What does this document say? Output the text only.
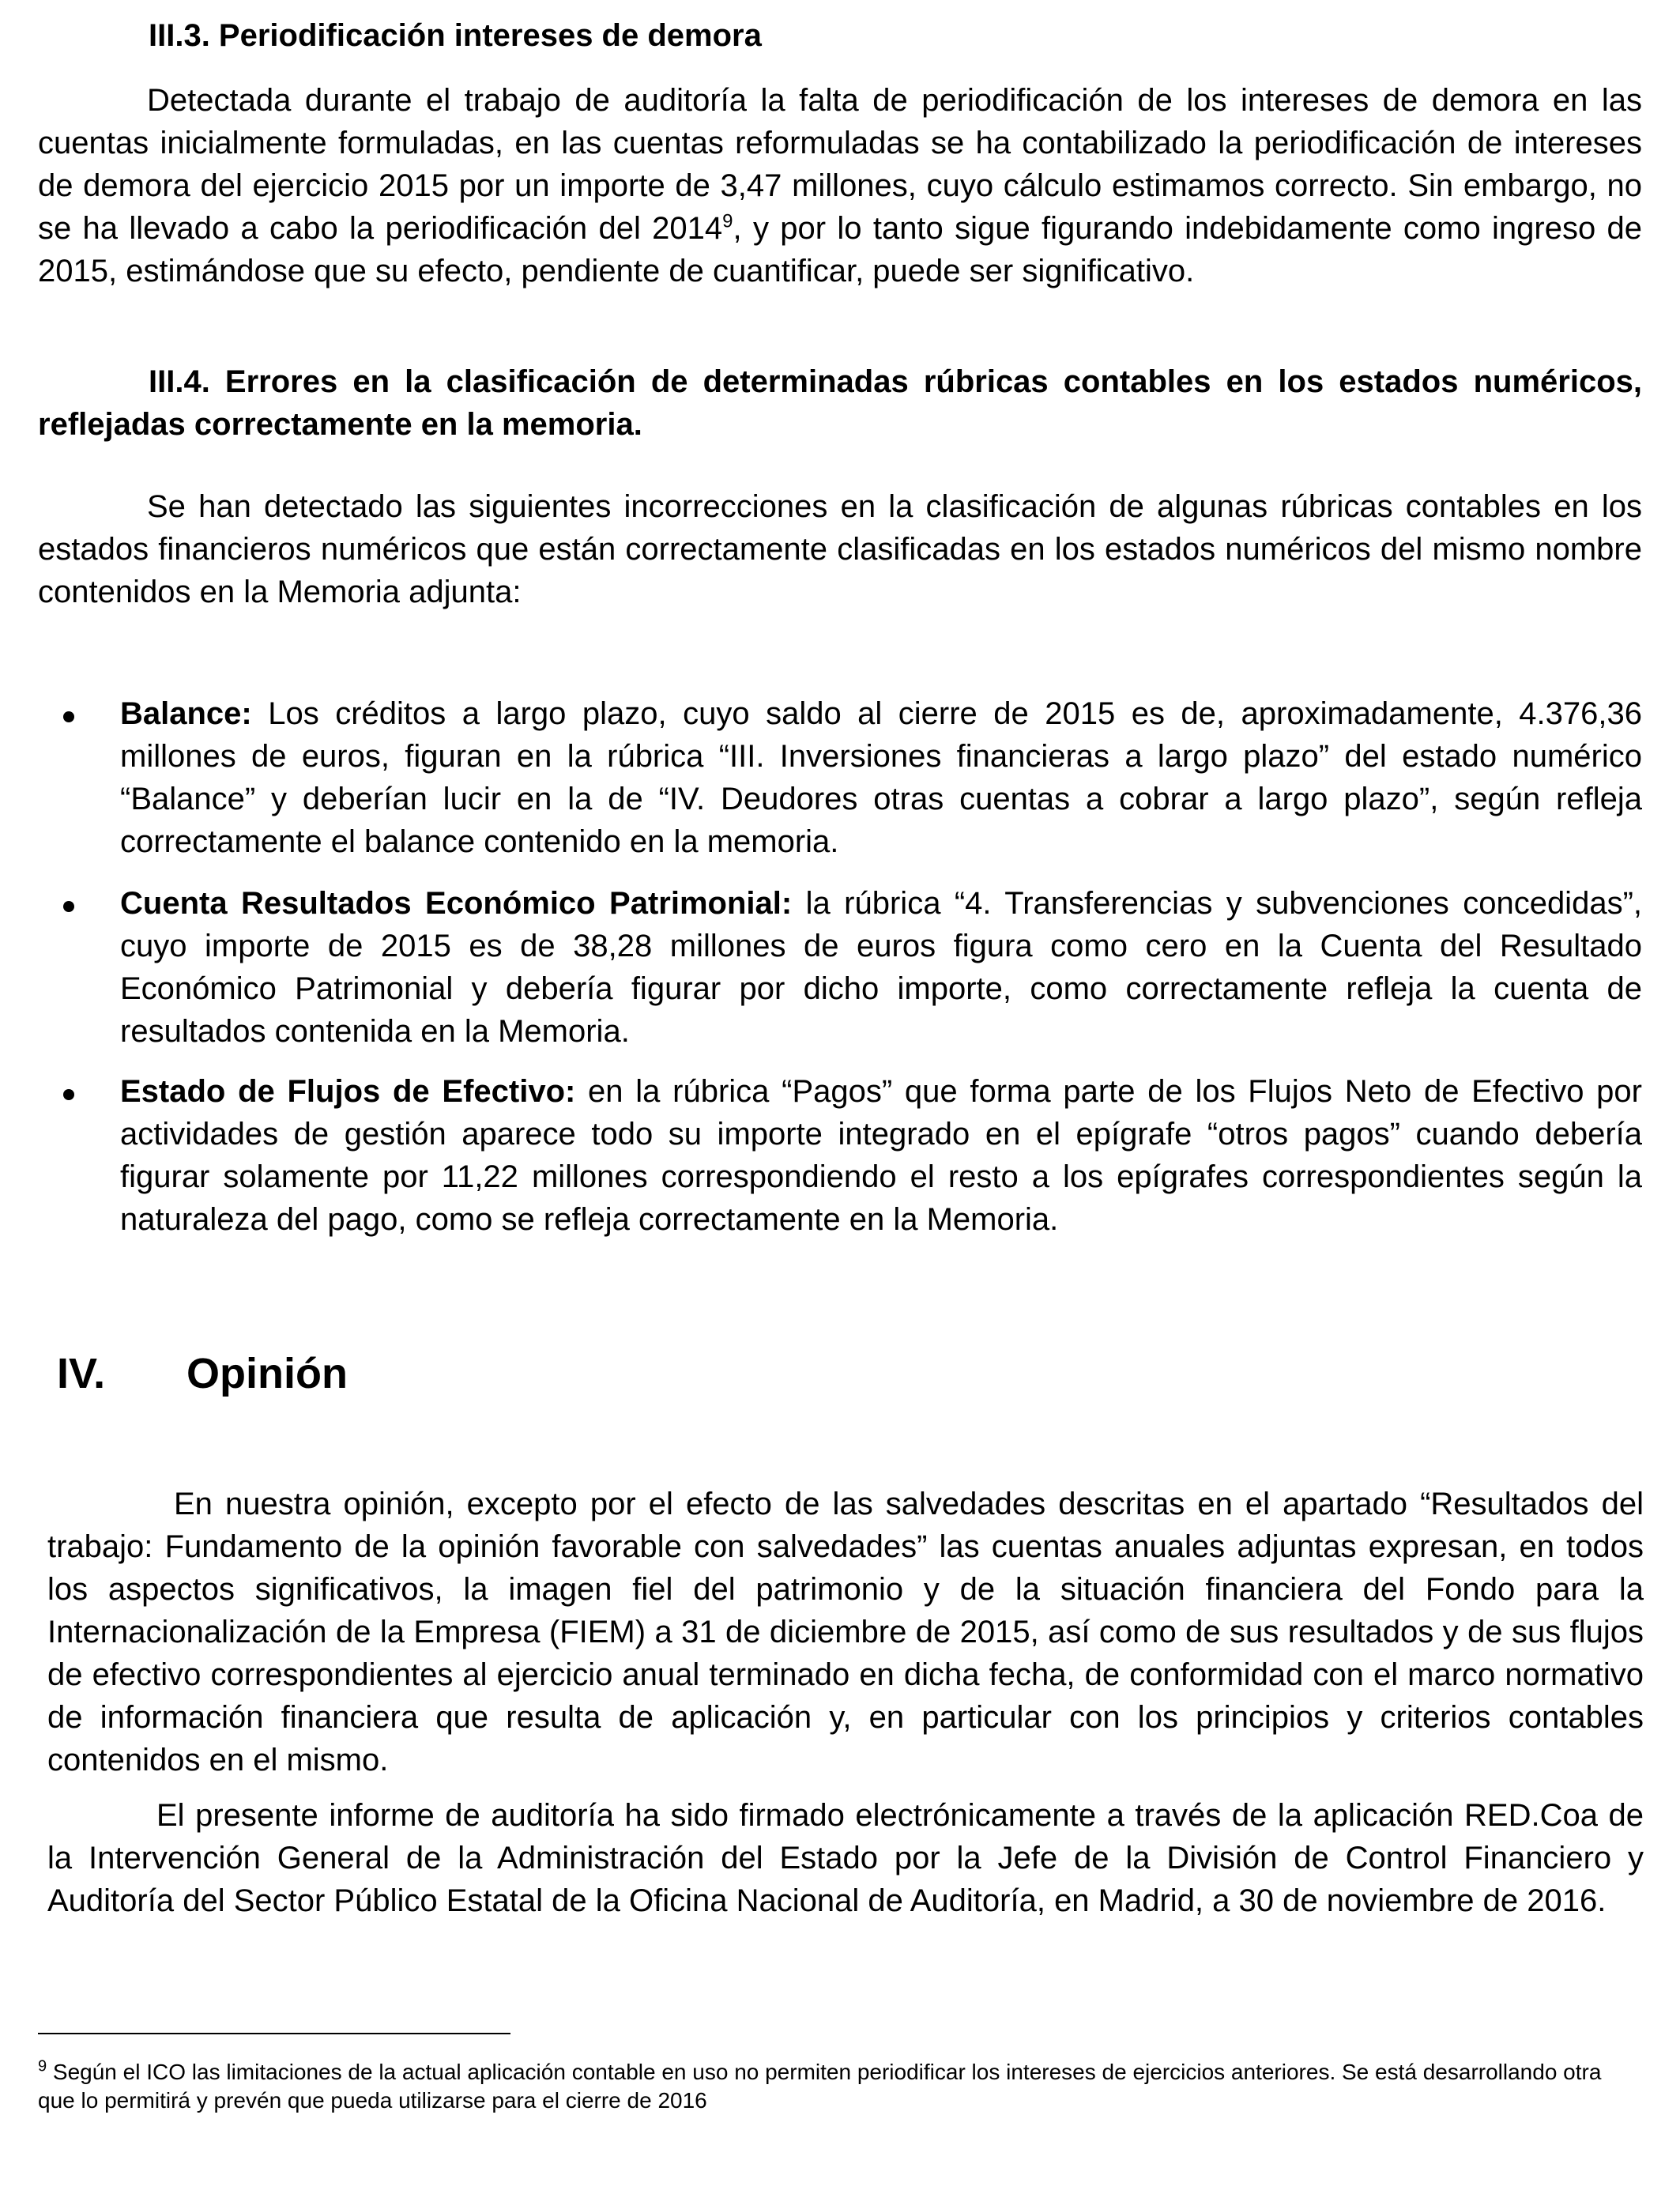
III.3. Periodificación intereses de demora

Detectada durante el trabajo de auditoría la falta de periodificación de los intereses de demora en las cuentas inicialmente formuladas, en las cuentas reformuladas se ha contabilizado la periodificación de intereses de demora del ejercicio 2015 por un importe de 3,47 millones, cuyo cálculo estimamos correcto. Sin embargo, no se ha llevado a cabo la periodificación del 2014$^9$, y por lo tanto sigue figurando indebidamente como ingreso de 2015, estimándose que su efecto, pendiente de cuantificar, puede ser significativo.

III.4. Errores en la clasificación de determinadas rúbricas contables en los estados numéricos, reflejadas correctamente en la memoria.

Se han detectado las siguientes incorrecciones en la clasificación de algunas rúbricas contables en los estados financieros numéricos que están correctamente clasificadas en los estados numéricos del mismo nombre contenidos en la Memoria adjunta:

Balance: Los créditos a largo plazo, cuyo saldo al cierre de 2015 es de, aproximadamente, 4.376,36 millones de euros, figuran en la rúbrica “III. Inversiones financieras a largo plazo” del estado numérico “Balance” y deberían lucir en la de “IV. Deudores otras cuentas a cobrar a largo plazo”, según refleja correctamente el balance contenido en la memoria.

Cuenta Resultados Económico Patrimonial: la rúbrica “4. Transferencias y subvenciones concedidas”, cuyo importe de 2015 es de 38,28 millones de euros figura como cero en la Cuenta del Resultado Económico Patrimonial y debería figurar por dicho importe, como correctamente refleja la cuenta de resultados contenida en la Memoria.

Estado de Flujos de Efectivo: en la rúbrica “Pagos” que forma parte de los Flujos Neto de Efectivo por actividades de gestión aparece todo su importe integrado en el epígrafe “otros pagos” cuando debería figurar solamente por 11,22 millones correspondiendo el resto a los epígrafes correspondientes según la naturaleza del pago, como se refleja correctamente en la Memoria.

IV. Opinión

En nuestra opinión, excepto por el efecto de las salvedades descritas en el apartado “Resultados del trabajo: Fundamento de la opinión favorable con salvedades” las cuentas anuales adjuntas expresan, en todos los aspectos significativos, la imagen fiel del patrimonio y de la situación financiera del Fondo para la Internacionalización de la Empresa (FIEM) a 31 de diciembre de 2015, así como de sus resultados y de sus flujos de efectivo correspondientes al ejercicio anual terminado en dicha fecha, de conformidad con el marco normativo de información financiera que resulta de aplicación y, en particular con los principios y criterios contables contenidos en el mismo.

El presente informe de auditoría ha sido firmado electrónicamente a través de la aplicación RED.Coa de la Intervención General de la Administración del Estado por la Jefe de la División de Control Financiero y Auditoría del Sector Público Estatal de la Oficina Nacional de Auditoría, en Madrid, a 30 de noviembre de 2016.

$^9$ Según el ICO las limitaciones de la actual aplicación contable en uso no permiten periodificar los intereses de ejercicios anteriores. Se está desarrollando otra que lo permitirá y prevén que pueda utilizarse para el cierre de 2016
